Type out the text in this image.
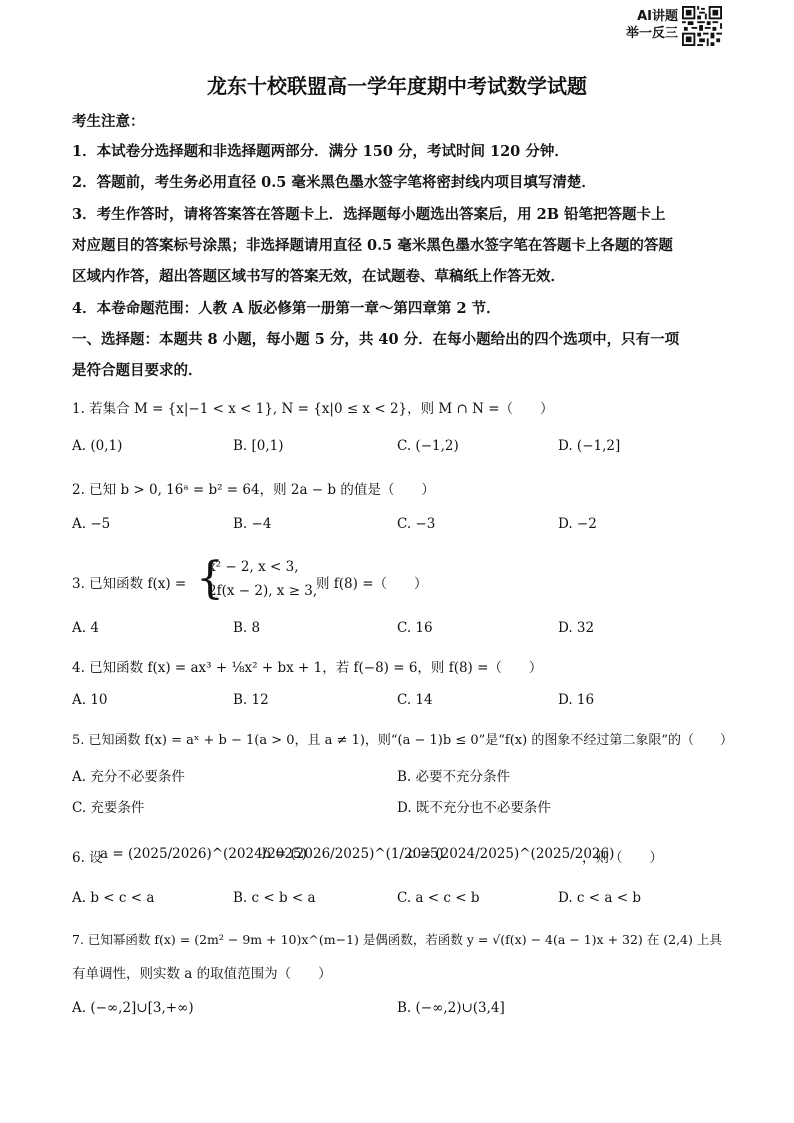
AI讲题
举一反三
龙东十校联盟高一学年度期中考试数学试题
考生注意：
1．本试卷分选择题和非选择题两部分．满分 150 分，考试时间 120 分钟．
2．答题前，考生务必用直径 0.5 毫米黑色墨水签字笔将密封线内项目填写清楚．
3．考生作答时，请将答案答在答题卡上．选择题每小题选出答案后，用 2B 铅笔把答题卡上
对应题目的答案标号涂黑；非选择题请用直径 0.5 毫米黑色墨水签字笔在答题卡上各题的答题
区域内作答，超出答题区域书写的答案无效，在试题卷、草稿纸上作答无效．
4．本卷命题范围：人教 A 版必修第一册第一章～第四章第 2 节．
一、选择题：本题共 8 小题，每小题 5 分，共 40 分．在每小题给出的四个选项中，只有一项
是符合题目要求的．
1. 若集合 M = {x|−1 < x < 1}, N = {x|0 ≤ x < 2}，则 M ∩ N =（　　）
A. (0,1)	B. [0,1)	C. (−1,2)	D. (−1,2]
2. 已知 b > 0, 16ᵃ = b² = 64，则 2a − b 的值是（　　）
A. −5	B. −4	C. −3	D. −2
3. 已知函数 f(x) = {
x² − 2, x < 3,
2f(x − 2), x ≥ 3,
则 f(8) =（　　）
A. 4	B. 8	C. 16	D. 32
4. 已知函数 f(x) = ax³ + ⅛x² + bx + 1，若 f(−8) = 6，则 f(8) =（　　）
A. 10	B. 12	C. 14	D. 16
5. 已知函数 f(x) = aˣ + b − 1(a > 0，且 a ≠ 1)，则“(a − 1)b ≤ 0”是“f(x) 的图象不经过第二象限”的（　　）
A. 充分不必要条件	B. 必要不充分条件
C. 充要条件	D. 既不充分也不必要条件
6. 设
a = (2025/2026)^(2024/2025)
b = (2026/2025)^(1/2025)
c = (2024/2025)^(2025/2026)
，则（　　）
A. b < c < a	B. c < b < a	C. a < c < b	D. c < a < b
7. 已知幂函数 f(x) = (2m² − 9m + 10)x^(m−1) 是偶函数，若函数 y = √(f(x) − 4(a − 1)x + 32) 在 (2,4) 上具
有单调性，则实数 a 的取值范围为（　　）
A. (−∞,2]∪[3,+∞)	B. (−∞,2)∪(3,4]
